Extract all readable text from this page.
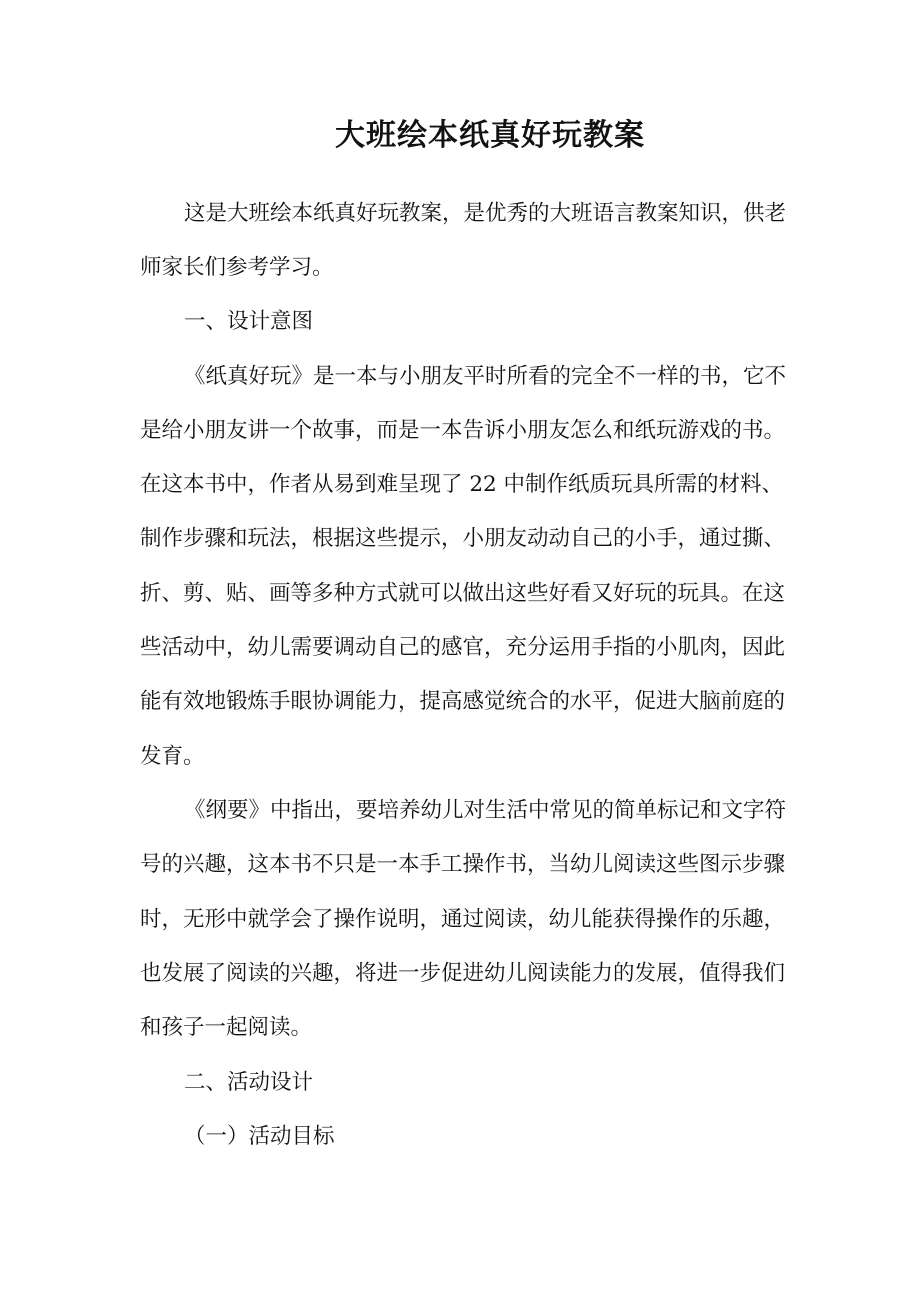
大班绘本纸真好玩教案
这是大班绘本纸真好玩教案，是优秀的大班语言教案知识，供老
师家长们参考学习。
一、设计意图
《纸真好玩》是一本与小朋友平时所看的完全不一样的书，它不
是给小朋友讲一个故事，而是一本告诉小朋友怎么和纸玩游戏的书。
在这本书中，作者从易到难呈现了 22 中制作纸质玩具所需的材料、
制作步骤和玩法，根据这些提示，小朋友动动自己的小手，通过撕、
折、剪、贴、画等多种方式就可以做出这些好看又好玩的玩具。在这
些活动中，幼儿需要调动自己的感官，充分运用手指的小肌肉，因此
能有效地锻炼手眼协调能力，提高感觉统合的水平，促进大脑前庭的
发育。
《纲要》中指出，要培养幼儿对生活中常见的简单标记和文字符
号的兴趣，这本书不只是一本手工操作书，当幼儿阅读这些图示步骤
时，无形中就学会了操作说明，通过阅读，幼儿能获得操作的乐趣，
也发展了阅读的兴趣，将进一步促进幼儿阅读能力的发展，值得我们
和孩子一起阅读。
二、活动设计
（一）活动目标
